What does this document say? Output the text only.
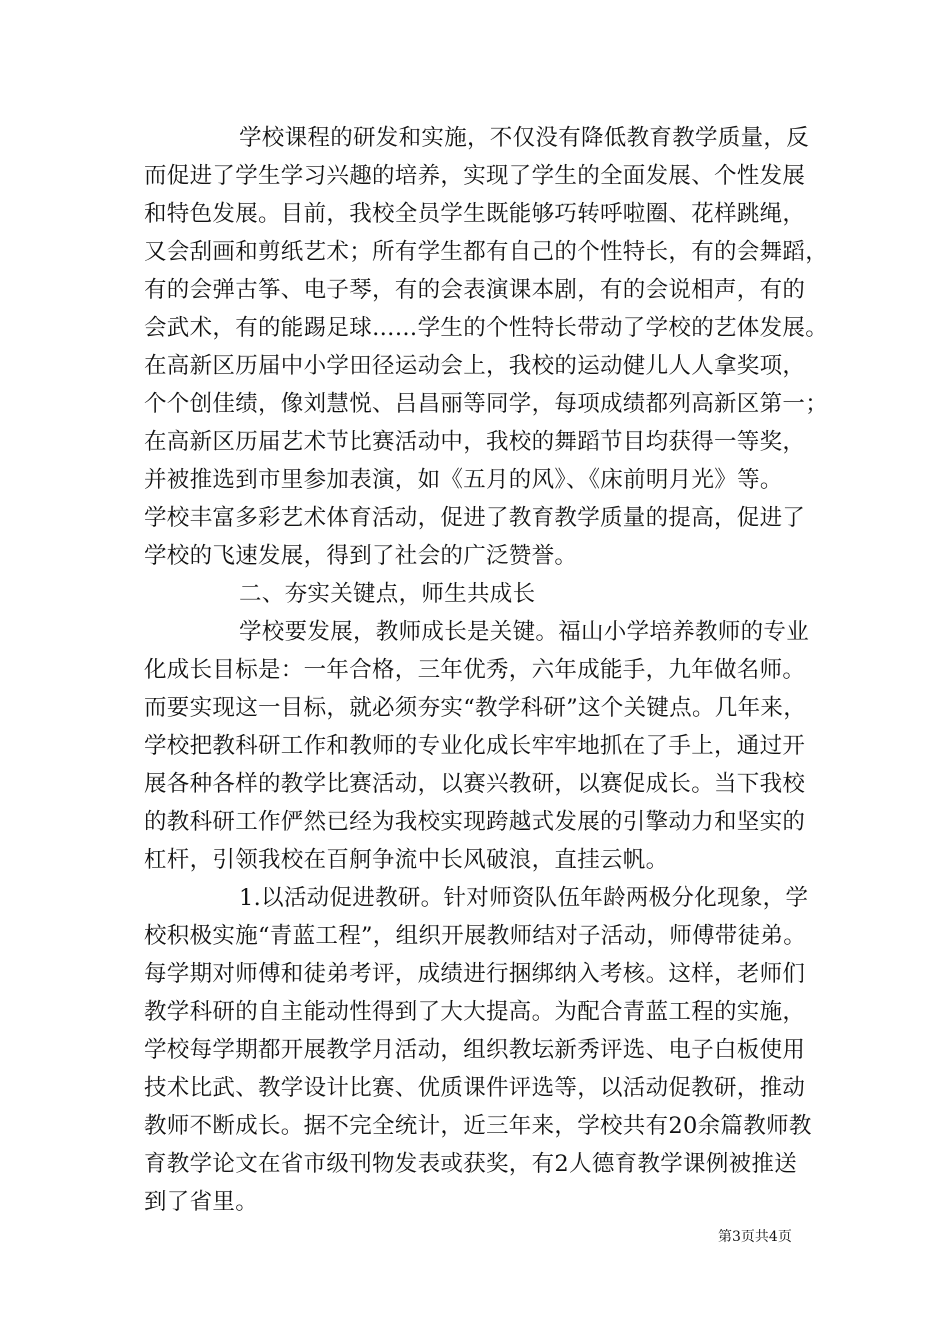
学校课程的研发和实施，不仅没有降低教育教学质量，反
而促进了学生学习兴趣的培养，实现了学生的全面发展、个性发展
和特色发展。目前，我校全员学生既能够巧转呼啦圈、花样跳绳，
又会刮画和剪纸艺术；所有学生都有自己的个性特长，有的会舞蹈，
有的会弹古筝、电子琴，有的会表演课本剧，有的会说相声，有的
会武术，有的能踢足球……学生的个性特长带动了学校的艺体发展。
在高新区历届中小学田径运动会上，我校的运动健儿人人拿奖项，
个个创佳绩，像刘慧悦、吕昌丽等同学，每项成绩都列高新区第一；
在高新区历届艺术节比赛活动中，我校的舞蹈节目均获得一等奖，
并被推选到市里参加表演，如《五月的风》、《床前明月光》等。
学校丰富多彩艺术体育活动，促进了教育教学质量的提高，促进了
学校的飞速发展，得到了社会的广泛赞誉。
二、夯实关键点，师生共成长
学校要发展，教师成长是关键。福山小学培养教师的专业
化成长目标是：一年合格，三年优秀，六年成能手，九年做名师。
而要实现这一目标，就必须夯实“教学科研”这个关键点。几年来，
学校把教科研工作和教师的专业化成长牢牢地抓在了手上，通过开
展各种各样的教学比赛活动，以赛兴教研，以赛促成长。当下我校
的教科研工作俨然已经为我校实现跨越式发展的引擎动力和坚实的
杠杆，引领我校在百舸争流中长风破浪，直挂云帆。
1.以活动促进教研。针对师资队伍年龄两极分化现象，学
校积极实施“青蓝工程”，组织开展教师结对子活动，师傅带徒弟。
每学期对师傅和徒弟考评，成绩进行捆绑纳入考核。这样，老师们
教学科研的自主能动性得到了大大提高。为配合青蓝工程的实施，
学校每学期都开展教学月活动，组织教坛新秀评选、电子白板使用
技术比武、教学设计比赛、优质课件评选等，以活动促教研，推动
教师不断成长。据不完全统计，近三年来，学校共有20余篇教师教
育教学论文在省市级刊物发表或获奖，有2人德育教学课例被推送
到了省里。
第3页共4页
